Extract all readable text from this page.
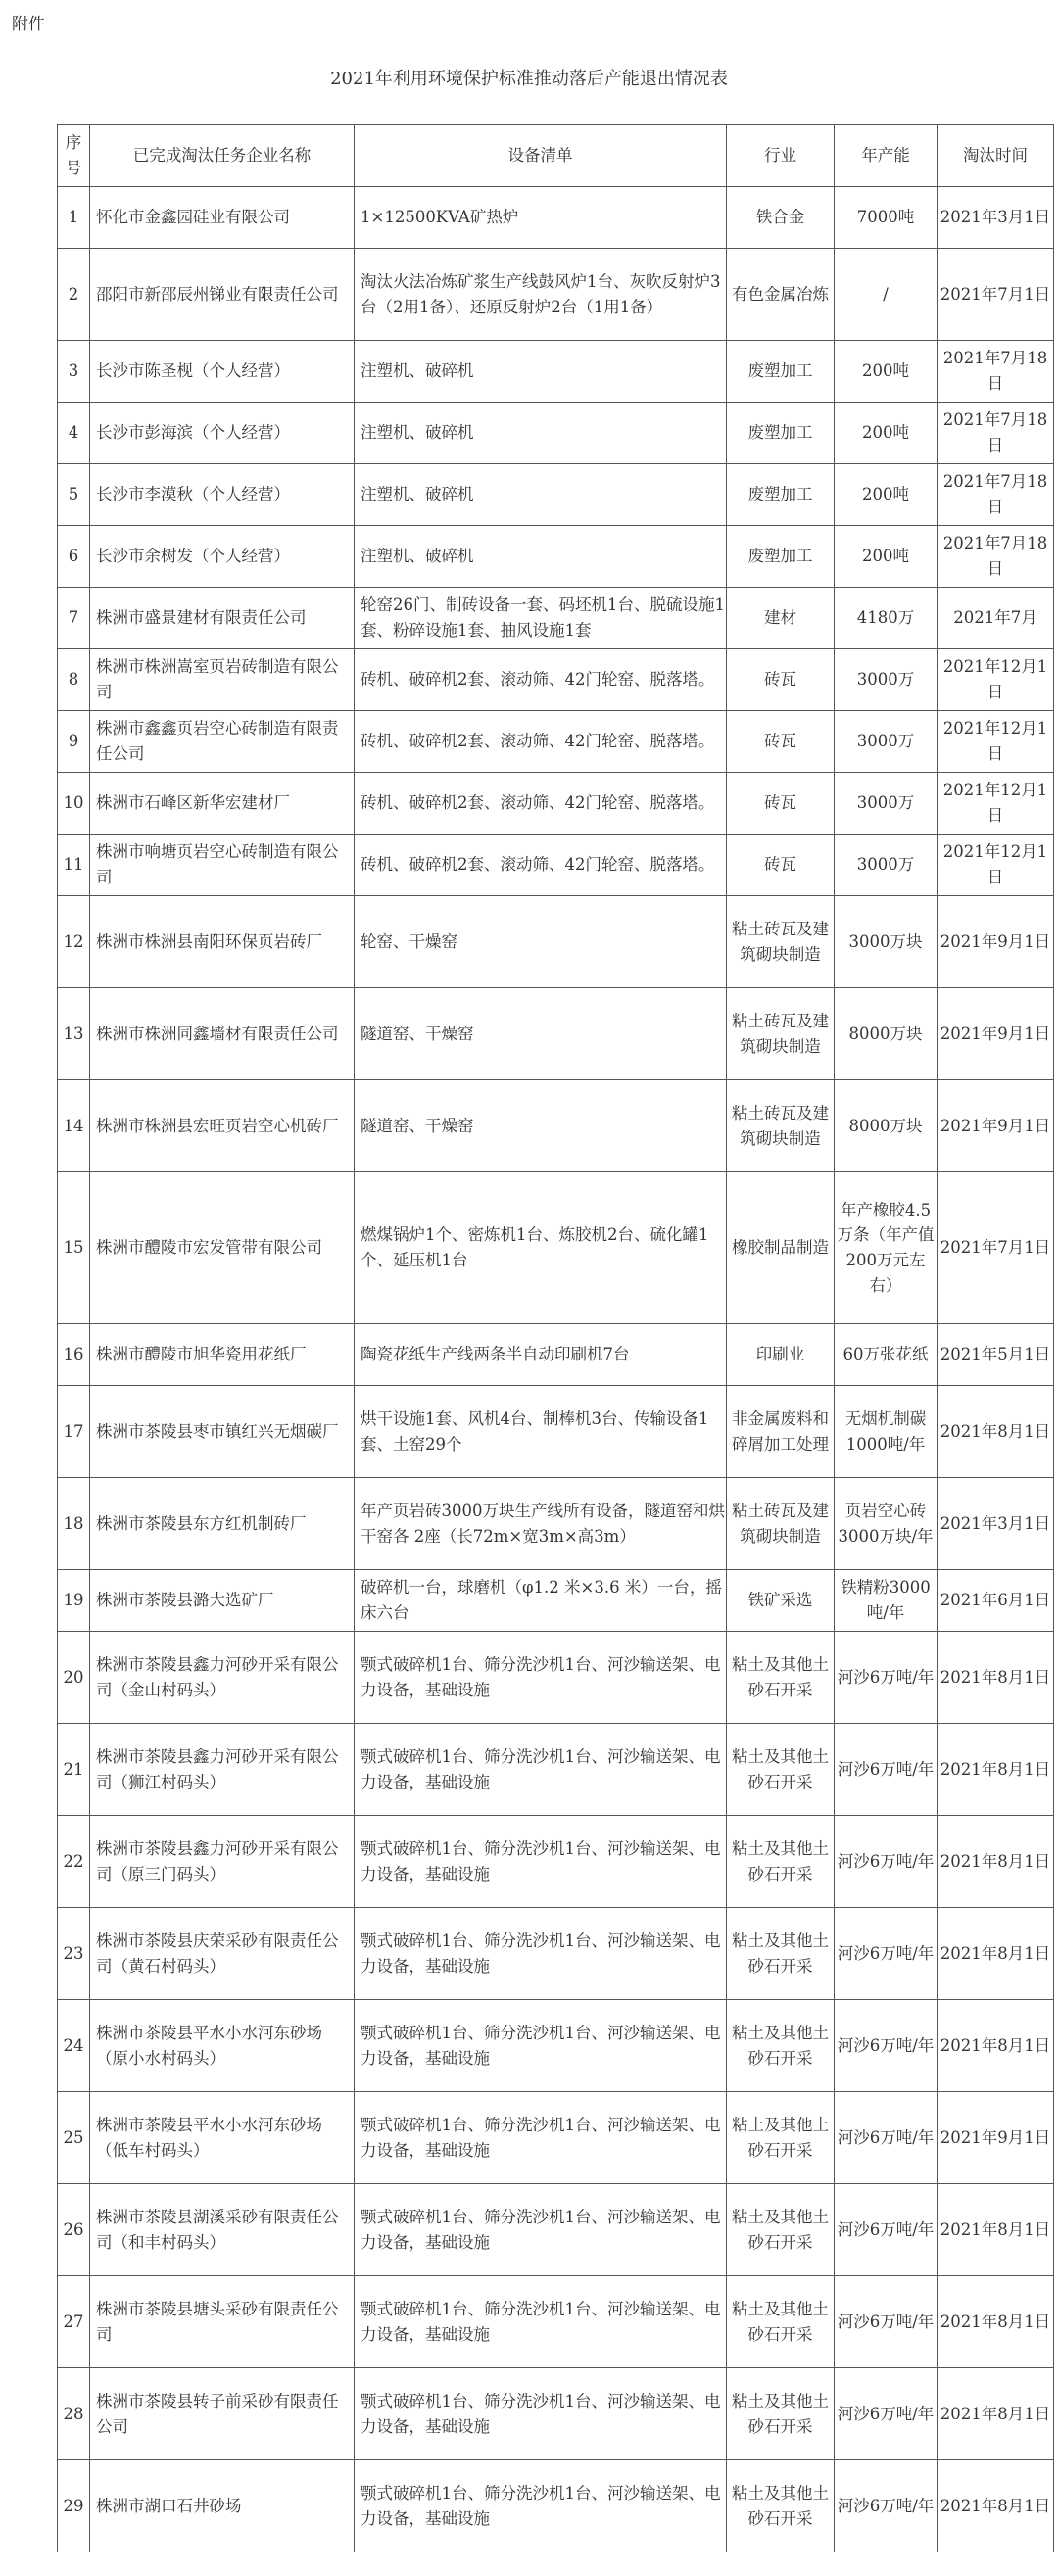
附件
2021年利用环境保护标准推动落后产能退出情况表
序号	已完成淘汰任务企业名称	设备清单	行业	年产能	淘汰时间
1	怀化市金鑫园硅业有限公司	1×12500KVA矿热炉	铁合金	7000吨	2021年3月1日
2	邵阳市新邵辰州锑业有限责任公司	淘汰火法冶炼矿浆生产线鼓风炉1台、灰吹反射炉3台（2用1备）、还原反射炉2台（1用1备）	有色金属冶炼	/	2021年7月1日
3	长沙市陈圣枧（个人经营）	注塑机、破碎机	废塑加工	200吨	2021年7月18日
4	长沙市彭海滨（个人经营）	注塑机、破碎机	废塑加工	200吨	2021年7月18日
5	长沙市李漠秋（个人经营）	注塑机、破碎机	废塑加工	200吨	2021年7月18日
6	长沙市余树发（个人经营）	注塑机、破碎机	废塑加工	200吨	2021年7月18日
7	株洲市盛景建材有限责任公司	轮窑26门、制砖设备一套、码坯机1台、脱硫设施1套、粉碎设施1套、抽风设施1套	建材	4180万	2021年7月
8	株洲市株洲嵩室页岩砖制造有限公司	砖机、破碎机2套、滚动筛、42门轮窑、脱落塔。	砖瓦	3000万	2021年12月1日
9	株洲市鑫鑫页岩空心砖制造有限责任公司	砖机、破碎机2套、滚动筛、42门轮窑、脱落塔。	砖瓦	3000万	2021年12月1日
10	株洲市石峰区新华宏建材厂	砖机、破碎机2套、滚动筛、42门轮窑、脱落塔。	砖瓦	3000万	2021年12月1日
11	株洲市响塘页岩空心砖制造有限公司	砖机、破碎机2套、滚动筛、42门轮窑、脱落塔。	砖瓦	3000万	2021年12月1日
12	株洲市株洲县南阳环保页岩砖厂	轮窑、干燥窑	粘土砖瓦及建筑砌块制造	3000万块	2021年9月1日
13	株洲市株洲同鑫墙材有限责任公司	隧道窑、干燥窑	粘土砖瓦及建筑砌块制造	8000万块	2021年9月1日
14	株洲市株洲县宏旺页岩空心机砖厂	隧道窑、干燥窑	粘土砖瓦及建筑砌块制造	8000万块	2021年9月1日
15	株洲市醴陵市宏发管带有限公司	燃煤锅炉1个、密炼机1台、炼胶机2台、硫化罐1个、延压机1台	橡胶制品制造	年产橡胶4.5万条（年产值200万元左右）	2021年7月1日
16	株洲市醴陵市旭华瓷用花纸厂	陶瓷花纸生产线两条半自动印刷机7台	印刷业	60万张花纸	2021年5月1日
17	株洲市茶陵县枣市镇红兴无烟碳厂	烘干设施1套、风机4台、制棒机3台、传输设备1套、土窑29个	非金属废料和碎屑加工处理	无烟机制碳1000吨/年	2021年8月1日
18	株洲市茶陵县东方红机制砖厂	年产页岩砖3000万块生产线所有设备，隧道窑和烘干窑各 2座（长72m×宽3m×高3m）	粘土砖瓦及建筑砌块制造	页岩空心砖3000万块/年	2021年3月1日
19	株洲市茶陵县潞大选矿厂	破碎机一台，球磨机（φ1.2 米×3.6 米）一台，摇床六台	铁矿采选	铁精粉3000吨/年	2021年6月1日
20	株洲市茶陵县鑫力河砂开采有限公司（金山村码头）	颚式破碎机1台、筛分洗沙机1台、河沙输送架、电力设备，基础设施	粘土及其他土砂石开采	河沙6万吨/年	2021年8月1日
21	株洲市茶陵县鑫力河砂开采有限公司（狮江村码头）	颚式破碎机1台、筛分洗沙机1台、河沙输送架、电力设备，基础设施	粘土及其他土砂石开采	河沙6万吨/年	2021年8月1日
22	株洲市茶陵县鑫力河砂开采有限公司（原三门码头）	颚式破碎机1台、筛分洗沙机1台、河沙输送架、电力设备，基础设施	粘土及其他土砂石开采	河沙6万吨/年	2021年8月1日
23	株洲市茶陵县庆荣采砂有限责任公司（黄石村码头）	颚式破碎机1台、筛分洗沙机1台、河沙输送架、电力设备，基础设施	粘土及其他土砂石开采	河沙6万吨/年	2021年8月1日
24	株洲市茶陵县平水小水河东砂场（原小水村码头）	颚式破碎机1台、筛分洗沙机1台、河沙输送架、电力设备，基础设施	粘土及其他土砂石开采	河沙6万吨/年	2021年8月1日
25	株洲市茶陵县平水小水河东砂场（低车村码头）	颚式破碎机1台、筛分洗沙机1台、河沙输送架、电力设备，基础设施	粘土及其他土砂石开采	河沙6万吨/年	2021年9月1日
26	株洲市茶陵县湖溪采砂有限责任公司（和丰村码头）	颚式破碎机1台、筛分洗沙机1台、河沙输送架、电力设备，基础设施	粘土及其他土砂石开采	河沙6万吨/年	2021年8月1日
27	株洲市茶陵县塘头采砂有限责任公司	颚式破碎机1台、筛分洗沙机1台、河沙输送架、电力设备，基础设施	粘土及其他土砂石开采	河沙6万吨/年	2021年8月1日
28	株洲市茶陵县转子前采砂有限责任公司	颚式破碎机1台、筛分洗沙机1台、河沙输送架、电力设备，基础设施	粘土及其他土砂石开采	河沙6万吨/年	2021年8月1日
29	株洲市湖口石井砂场	颚式破碎机1台、筛分洗沙机1台、河沙输送架、电力设备，基础设施	粘土及其他土砂石开采	河沙6万吨/年	2021年8月1日
